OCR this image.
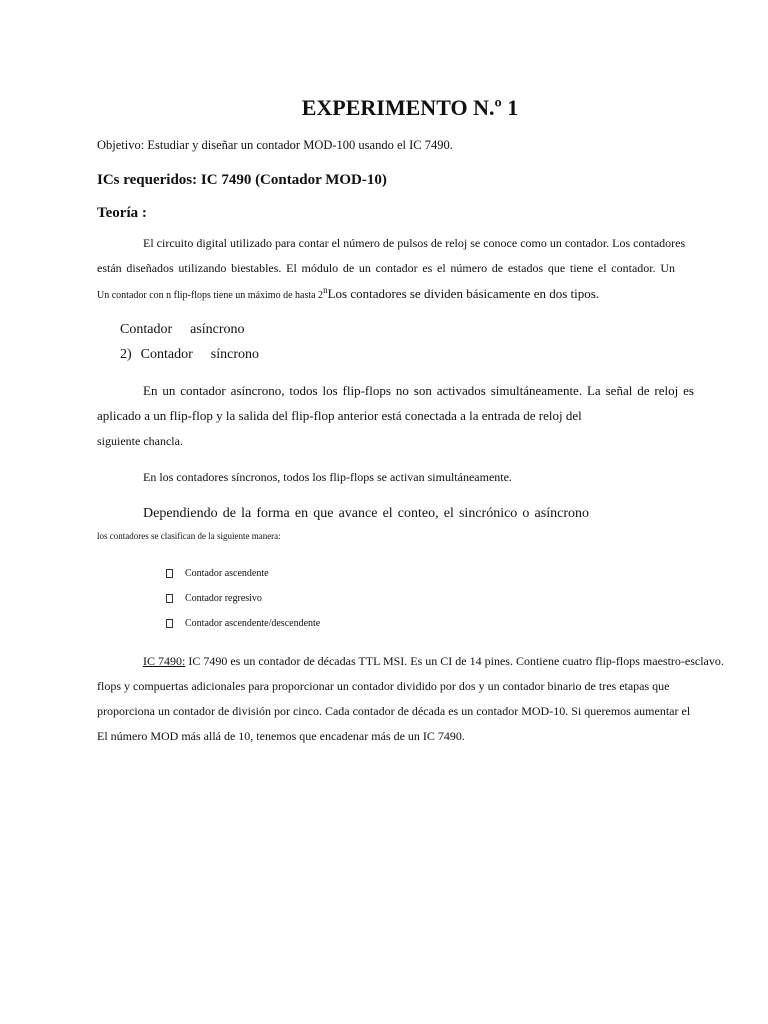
EXPERIMENTO N.º 1
Objetivo: Estudiar y diseñar un contador MOD-100 usando el IC 7490.
ICs requeridos: IC 7490 (Contador MOD-10)
Teoría :
El circuito digital utilizado para contar el número de pulsos de reloj se conoce como un contador. Los contadores
están diseñados utilizando biestables. El módulo de un contador es el número de estados que tiene el contador. Un
Un contador con n flip-flops tiene un máximo de hasta 2$^n$Los contadores se dividen básicamente en dos tipos.
Contador asíncrono
2) Contador síncrono
En un contador asíncrono, todos los flip-flops no son activados simultáneamente. La señal de reloj es
aplicado a un flip-flop y la salida del flip-flop anterior está conectada a la entrada de reloj del
siguiente chancla.
En los contadores síncronos, todos los flip-flops se activan simultáneamente.
Dependiendo de la forma en que avance el conteo, el sincrónico o asíncrono
los contadores se clasifican de la siguiente manera:
Contador ascendente
Contador regresivo
Contador ascendente/descendente
IC 7490: IC 7490 es un contador de décadas TTL MSI. Es un CI de 14 pines. Contiene cuatro flip-flops maestro-esclavo.
flops y compuertas adicionales para proporcionar un contador dividido por dos y un contador binario de tres etapas que
proporciona un contador de división por cinco. Cada contador de década es un contador MOD-10. Si queremos aumentar el
El número MOD más allá de 10, tenemos que encadenar más de un IC 7490.
